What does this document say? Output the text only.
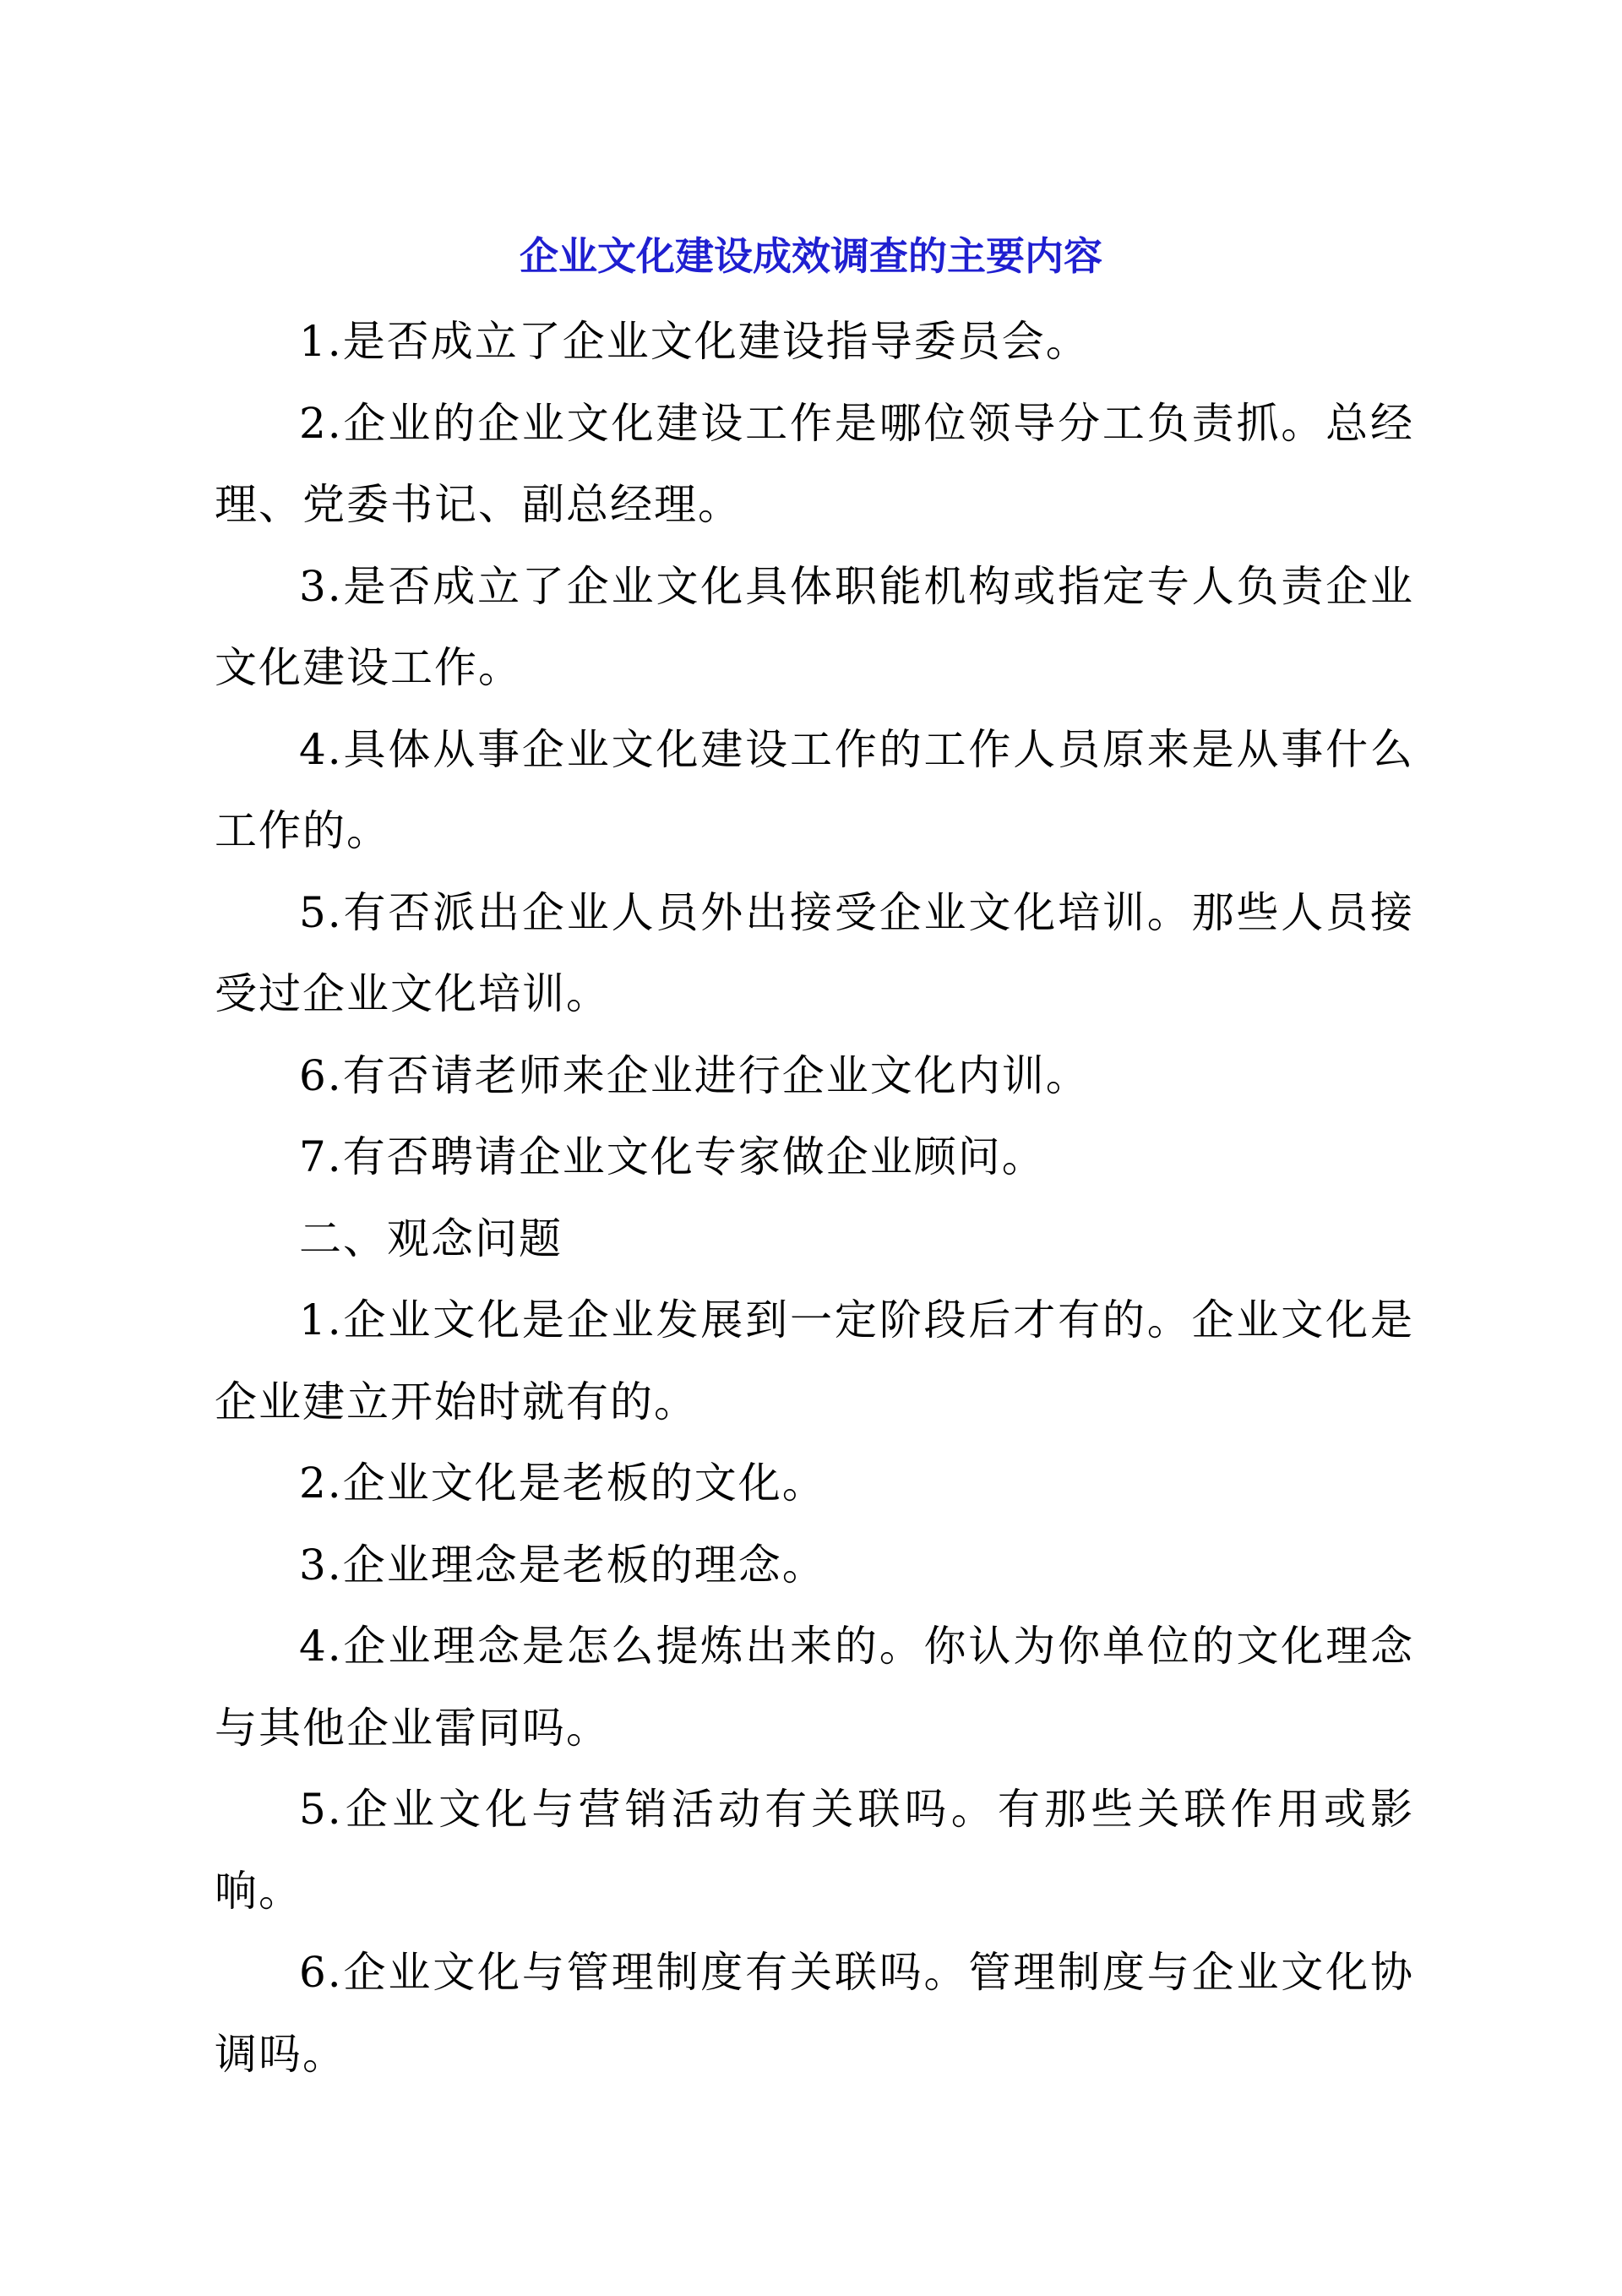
企业文化建设成效调查的主要内容

1.是否成立了企业文化建设指导委员会。

2.企业的企业文化建设工作是哪位领导分工负责抓。总经理、党委书记、副总经理。

3.是否成立了企业文化具体职能机构或指定专人负责企业文化建设工作。

4.具体从事企业文化建设工作的工作人员原来是从事什么工作的。

5.有否派出企业人员外出接受企业文化培训。那些人员接受过企业文化培训。

6.有否请老师来企业进行企业文化内训。

7.有否聘请企业文化专家做企业顾问。

二、观念问题

1.企业文化是企业发展到一定阶段后才有的。企业文化是企业建立开始时就有的。

2.企业文化是老板的文化。

3.企业理念是老板的理念。

4.企业理念是怎么提炼出来的。你认为你单位的文化理念与其他企业雷同吗。

5.企业文化与营销活动有关联吗。有那些关联作用或影响。

6.企业文化与管理制度有关联吗。管理制度与企业文化协调吗。
